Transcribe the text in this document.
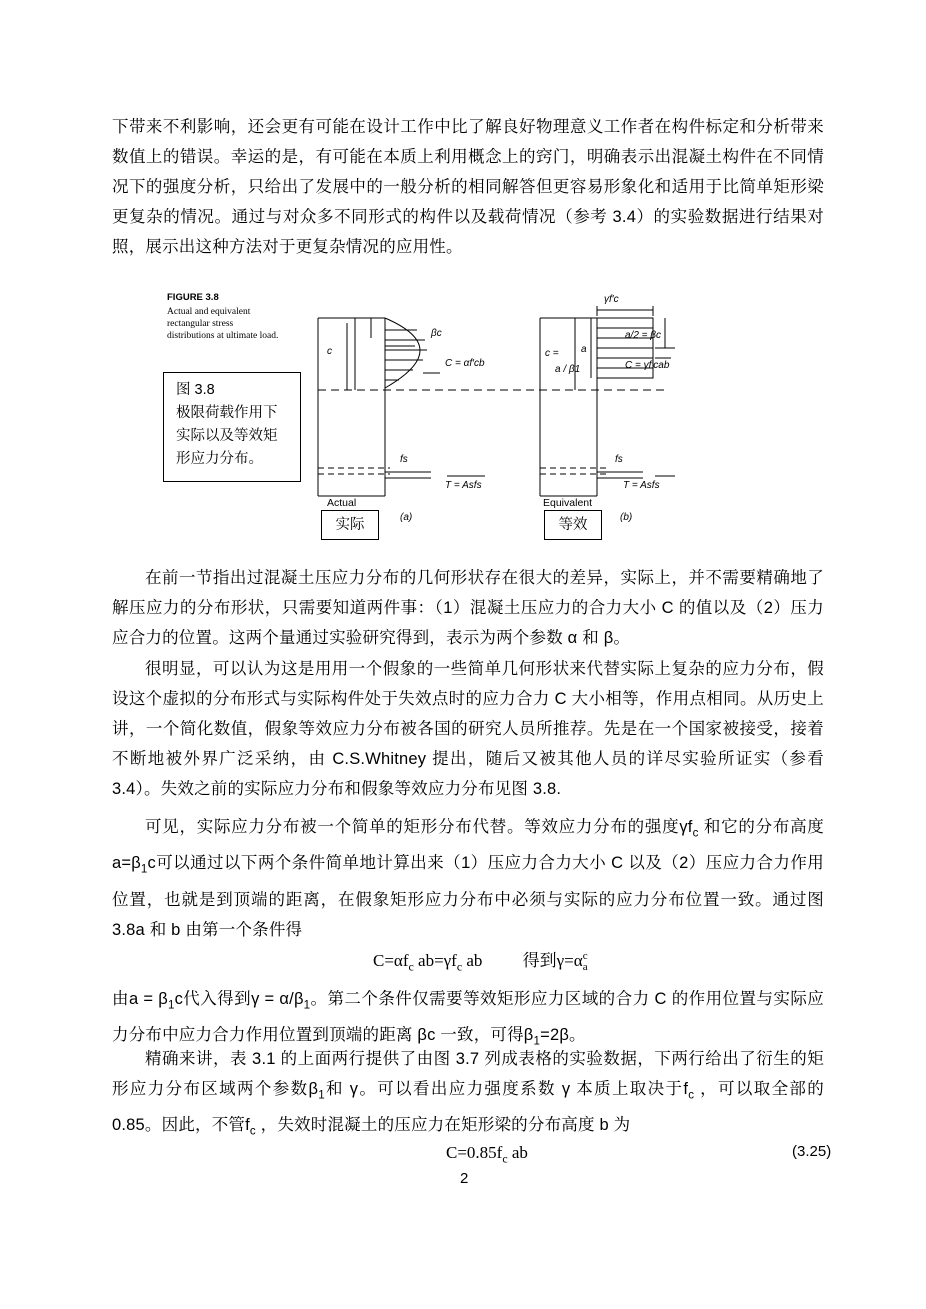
下带来不利影响，还会更有可能在设计工作中比了解良好物理意义工作者在构件标定和分析带来数值上的错误。幸运的是，有可能在本质上利用概念上的窍门，明确表示出混凝土构件在不同情况下的强度分析，只给出了发展中的一般分析的相同解答但更容易形象化和适用于比简单矩形梁更复杂的情况。通过与对众多不同形式的构件以及载荷情况（参考 3.4）的实验数据进行结果对照，展示出这种方法对于更复杂情况的应用性。

c
βc
C = αf′cb
fs
T = Asfs
γf′c
c =
a / β1
a
a/2 = βc
C = γf′cab
fs
T = Asfs
(a)	(b)
Actual	Equivalent
FIGURE 3.8
Actual and equivalent
rectangular stress
distributions at ultimate load.
图 3.8
极限荷载作用下
实际以及等效矩
形应力分布。
实际	等效

在前一节指出过混凝土压应力分布的几何形状存在很大的差异，实际上，并不需要精确地了解压应力的分布形状，只需要知道两件事：（1）混凝土压应力的合力大小 C 的值以及（2）压力应合力的位置。这两个量通过实验研究得到，表示为两个参数 α 和 β。

很明显，可以认为这是用用一个假象的一些简单几何形状来代替实际上复杂的应力分布，假设这个虚拟的分布形式与实际构件处于失效点时的应力合力 C 大小相等，作用点相同。从历史上讲，一个简化数值，假象等效应力分布被各国的研究人员所推荐。先是在一个国家被接受，接着不断地被外界广泛采纳，由 C.S.Whitney 提出，随后又被其他人员的详尽实验所证实（参看 3.4）。失效之前的实际应力分布和假象等效应力分布见图 3.8.

可见，实际应力分布被一个简单的矩形分布代替。等效应力分布的强度$\gamma f_c$ 和它的分布高度$a=\beta_1c$可以通过以下两个条件简单地计算出来（1）压应力合力大小 C 以及（2）压应力合力作用位置，也就是到顶端的距离，在假象矩形应力分布中必须与实际的应力分布位置一致。通过图 3.8a 和 b 由第一个条件得

$C=\alpha f_c$ $ab=\gamma f_c$ ab 得到γ=α c
a

由$a = \beta_1c$代入得到$\gamma = \alpha/\beta_1$。第二个条件仅需要等效矩形应力区域的合力 C 的作用位置与实际应力分布中应力合力作用位置到顶端的距离 βc 一致，可得$\beta_1=2\beta$。

精确来讲，表 3.1 的上面两行提供了由图 3.7 列成表格的实验数据，下两行给出了衍生的矩形应力分布区域两个参数$\beta_1$和 γ。可以看出应力强度系数 γ 本质上取决于$f_c$ ，可以取全部的 0.85。因此，不管$f_c$ ，失效时混凝土的压应力在矩形梁的分布高度 b 为

$C=0.85f_c$ ab	(3.25)
2
